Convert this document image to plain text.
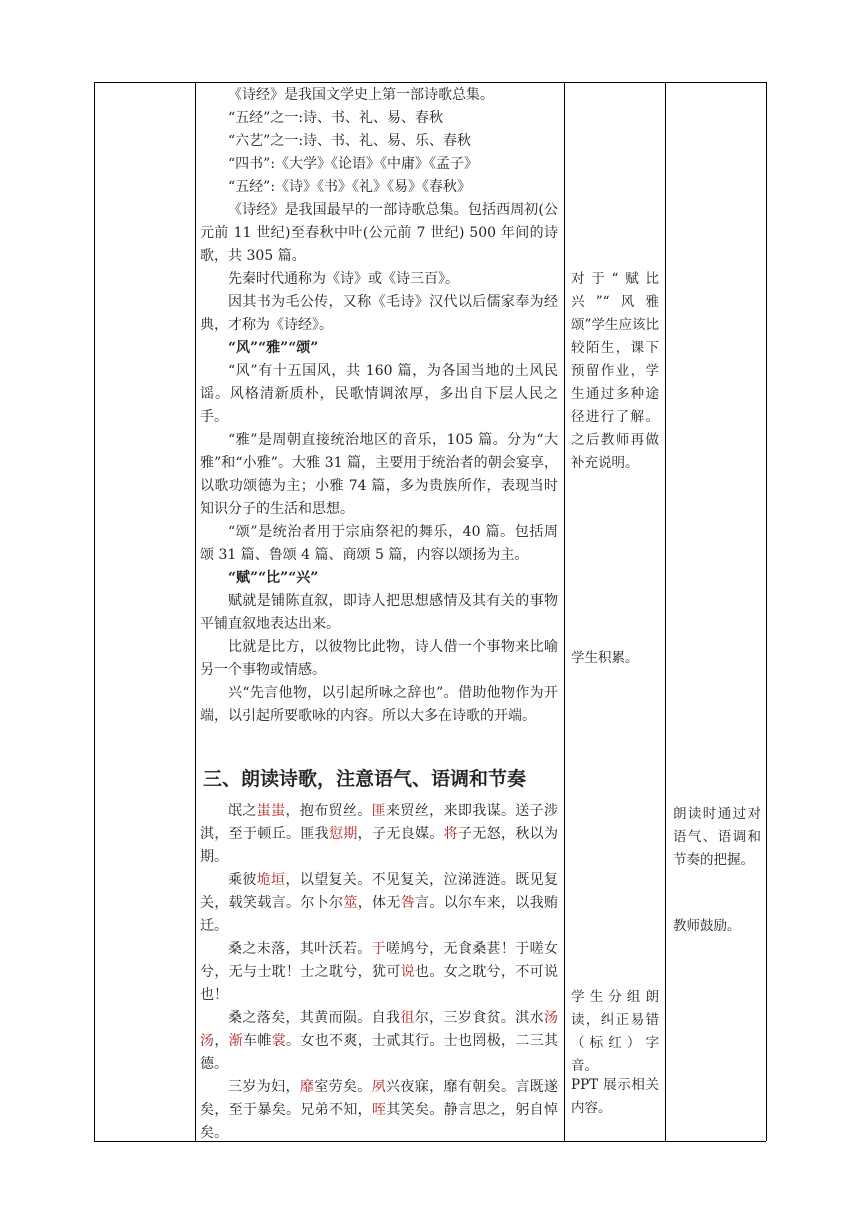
《诗经》是我国文学史上第一部诗歌总集。

“五经”之一:诗、书、礼、易、春秋

“六艺”之一:诗、书、礼、易、乐、春秋

“四书”:《大学》《论语》《中庸》《孟子》

“五经”:《诗》《书》《礼》《易》《春秋》

《诗经》是我国最早的一部诗歌总集。包括西周初(公元前 11 世纪)至春秋中叶(公元前 7 世纪) 500 年间的诗歌，共 305 篇。

先秦时代通称为《诗》或《诗三百》。

因其书为毛公传，又称《毛诗》汉代以后儒家奉为经典，才称为《诗经》。

“风”“雅”“颂”

“风”有十五国风，共 160 篇，为各国当地的土风民谣。风格清新质朴，民歌情调浓厚，多出自下层人民之手。

“雅”是周朝直接统治地区的音乐，105 篇。分为“大雅”和“小雅”。大雅 31 篇，主要用于统治者的朝会宴享，以歌功颂德为主；小雅 74 篇，多为贵族所作，表现当时知识分子的生活和思想。

“颂”是统治者用于宗庙祭祀的舞乐，40 篇。包括周颂 31 篇、鲁颂 4 篇、商颂 5 篇，内容以颂扬为主。

“赋”“比”“兴”

赋就是铺陈直叙，即诗人把思想感情及其有关的事物平铺直叙地表达出来。

比就是比方，以彼物比此物，诗人借一个事物来比喻另一个事物或情感。

兴“先言他物，以引起所咏之辞也”。借助他物作为开端，以引起所要歌咏的内容。所以大多在诗歌的开端。

三、朗读诗歌，注意语气、语调和节奏

氓之蚩蚩，抱布贸丝。匪来贸丝，来即我谋。送子涉淇，至于顿丘。匪我愆期，子无良媒。将子无怒，秋以为期。

乘彼垝垣，以望复关。不见复关，泣涕涟涟。既见复关，载笑载言。尔卜尔筮，体无咎言。以尔车来，以我贿迁。

桑之未落，其叶沃若。于嗟鸠兮，无食桑葚！于嗟女兮，无与士耽！士之耽兮，犹可说也。女之耽兮，不可说也！

桑之落矣，其黄而陨。自我徂尔，三岁食贫。淇水汤汤，渐车帷裳。女也不爽，士贰其行。士也罔极，二三其德。

三岁为妇，靡室劳矣。夙兴夜寐，靡有朝矣。言既遂矣，至于暴矣。兄弟不知，咥其笑矣。静言思之，躬自悼矣。

对于“赋比兴”“风雅颂”学生应该比较陌生，课下预留作业，学生通过多种途径进行了解。之后教师再做补充说明。

学生积累。

学生分组朗读，纠正易错（标红）字音。

PPT 展示相关内容。

朗读时通过对语气、语调和节奏的把握。

教师鼓励。
